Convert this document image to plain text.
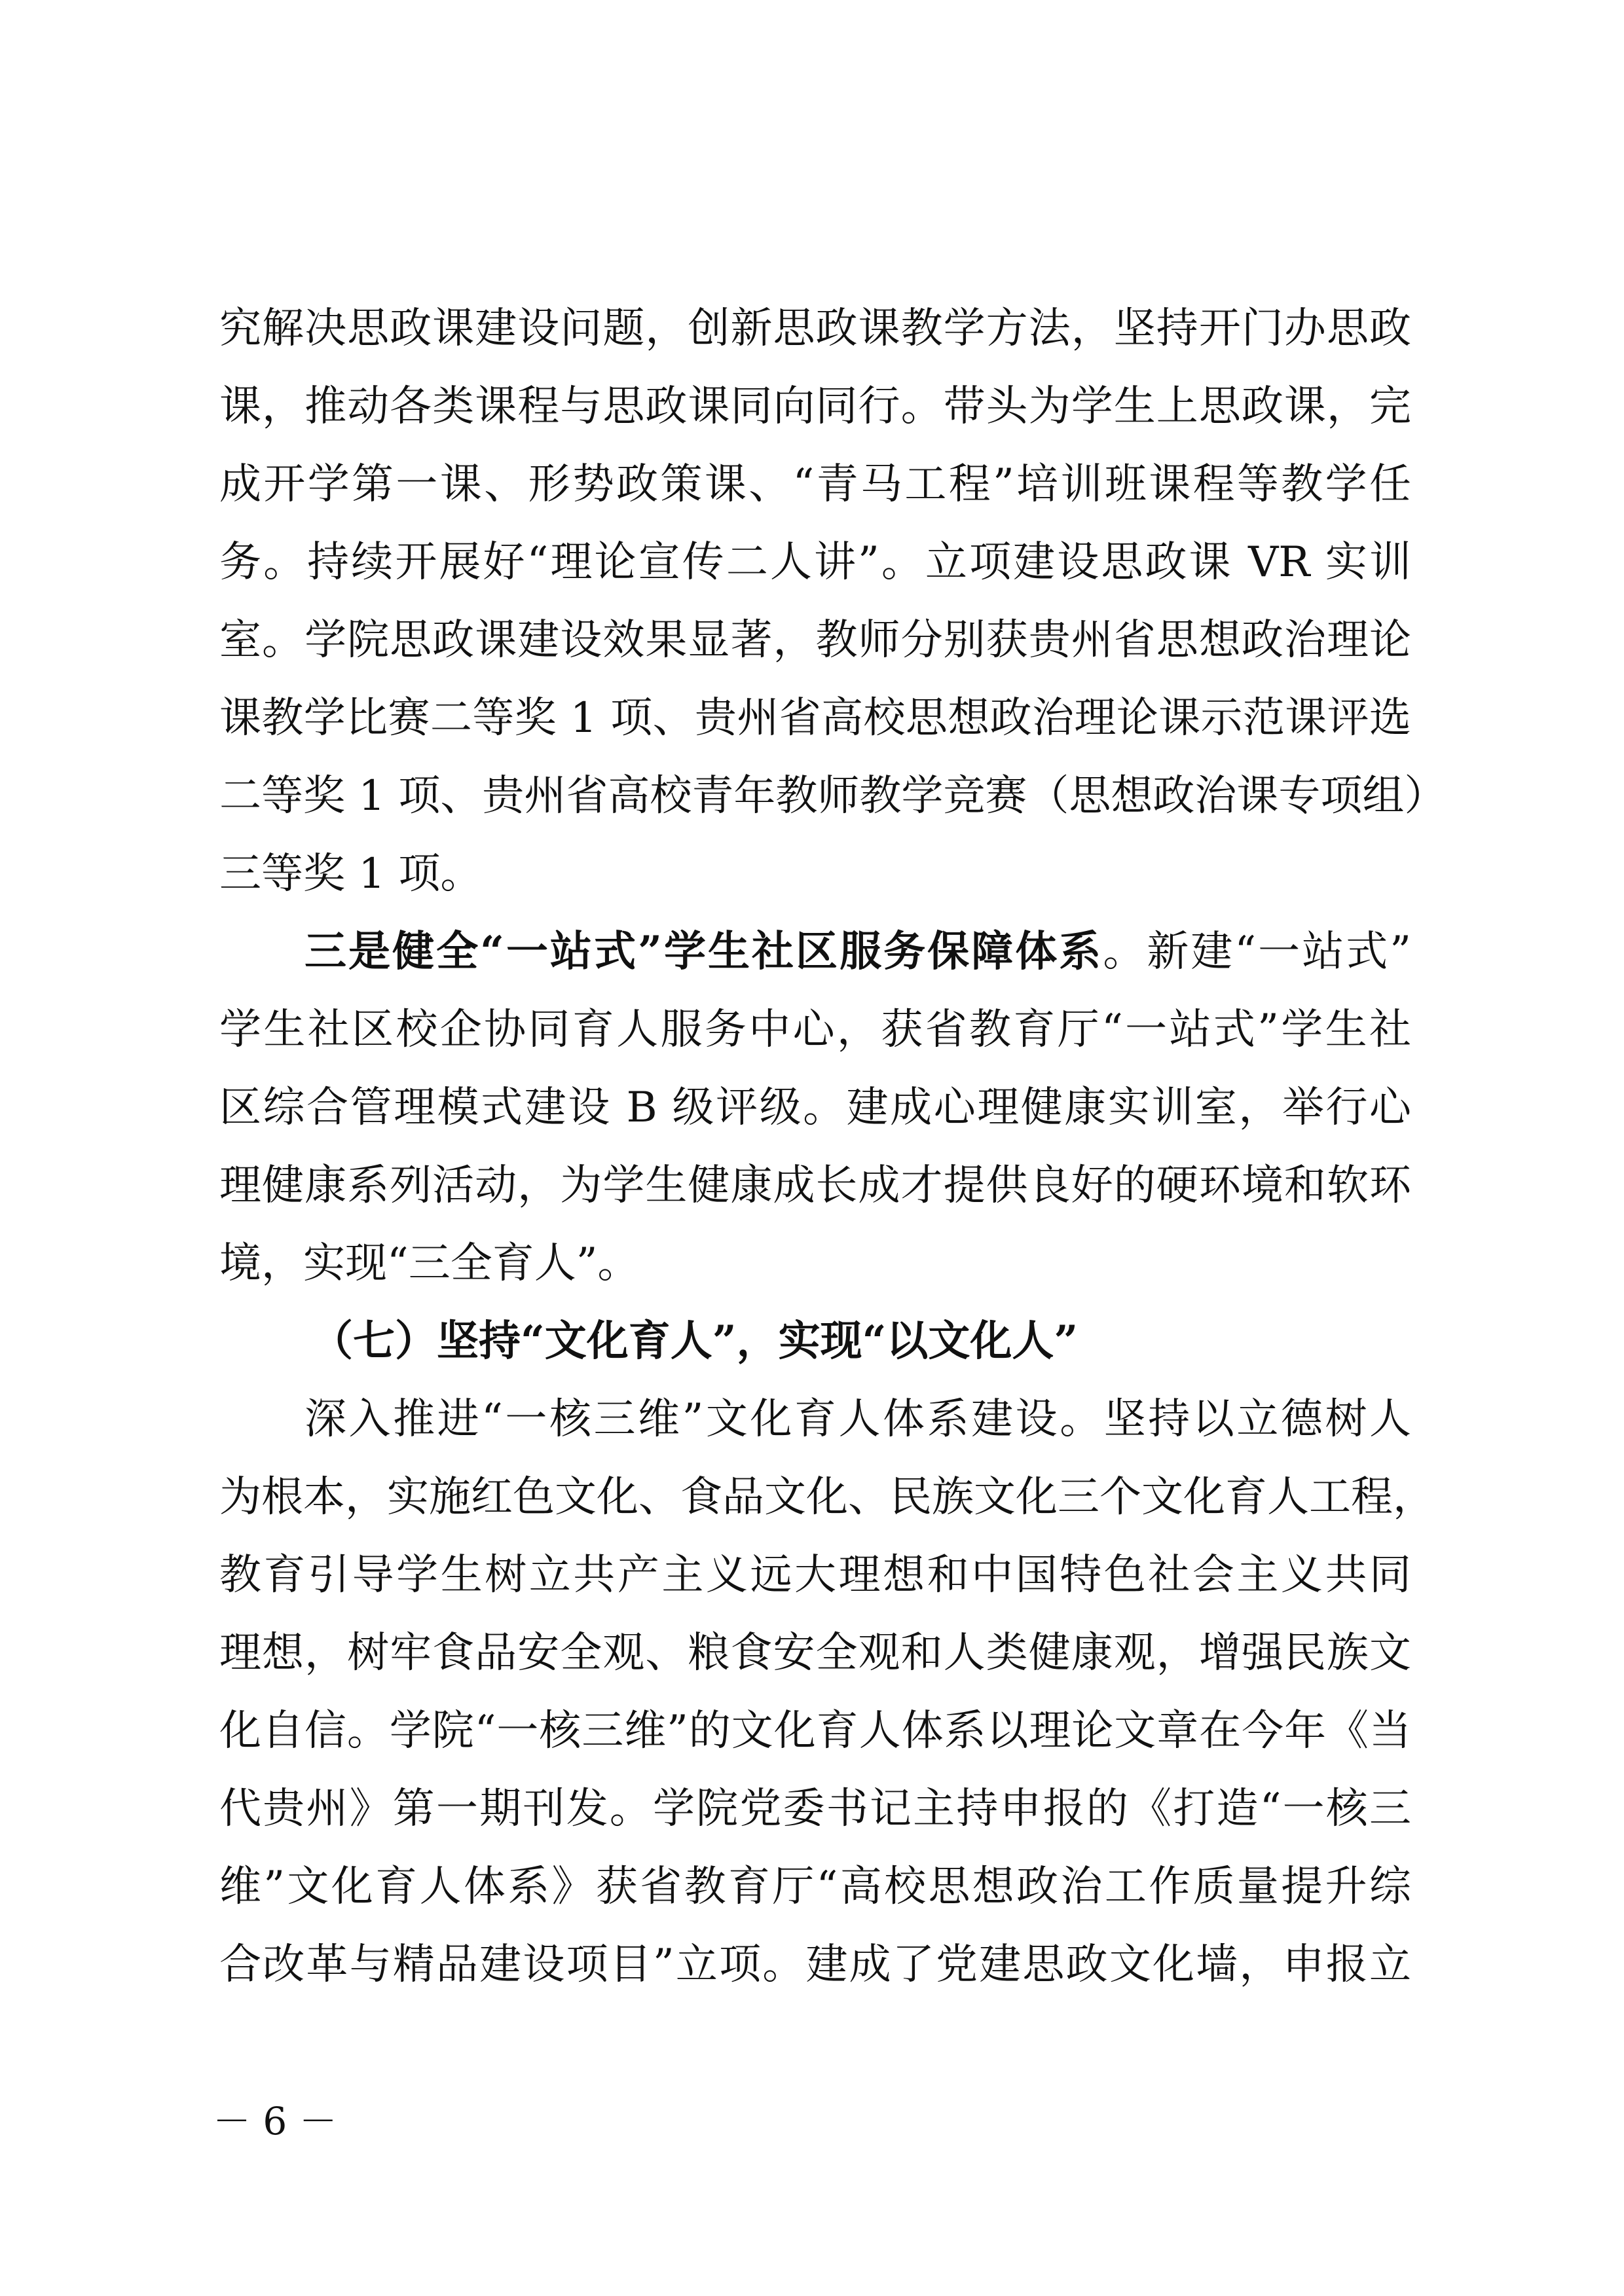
究解决思政课建设问题，创新思政课教学方法，坚持开门办思政
课，推动各类课程与思政课同向同行。带头为学生上思政课，完
成开学第一课、形势政策课、“青马工程”培训班课程等教学任
务。持续开展好“理论宣传二人讲”。立项建设思政课 VR 实训
室。学院思政课建设效果显著，教师分别获贵州省思想政治理论
课教学比赛二等奖 1 项、贵州省高校思想政治理论课示范课评选
二等奖 1 项、贵州省高校青年教师教学竞赛（思想政治课专项组）
三等奖 1 项。
三是健全“一站式”学生社区服务保障体系。新建“一站式”
学生社区校企协同育人服务中心，获省教育厅“一站式”学生社
区综合管理模式建设 B 级评级。建成心理健康实训室，举行心
理健康系列活动，为学生健康成长成才提供良好的硬环境和软环
境，实现“三全育人”。
（七）坚持“文化育人”，实现“以文化人”
深入推进“一核三维”文化育人体系建设。坚持以立德树人
为根本，实施红色文化、食品文化、民族文化三个文化育人工程，
教育引导学生树立共产主义远大理想和中国特色社会主义共同
理想，树牢食品安全观、粮食安全观和人类健康观，增强民族文
化自信。学院“一核三维”的文化育人体系以理论文章在今年《当
代贵州》第一期刊发。学院党委书记主持申报的《打造“一核三
维”文化育人体系》获省教育厅“高校思想政治工作质量提升综
合改革与精品建设项目”立项。建成了党建思政文化墙，申报立
－ 6 －
